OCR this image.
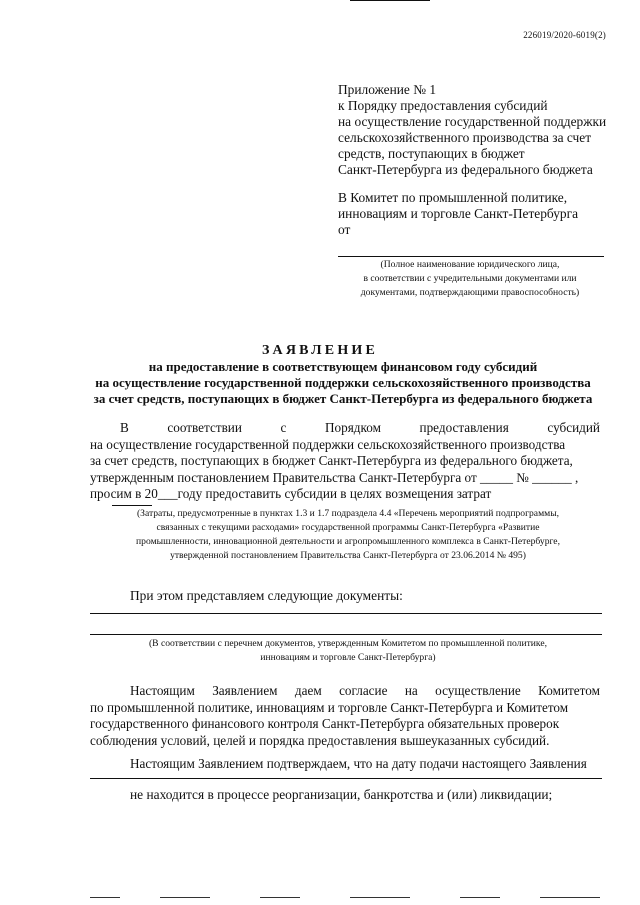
226019/2020-6019(2)
Приложение № 1
к Порядку предоставления субсидий
на осуществление государственной поддержки
сельскохозяйственного производства за счет
средств, поступающих в бюджет
Санкт-Петербурга из федерального бюджета
В Комитет по промышленной политике,
инновациям и торговле Санкт-Петербурга
от
(Полное наименование юридического лица,
в соответствии с учредительными документами или
документами, подтверждающими правоспособность)
ЗАЯВЛЕНИЕ
на предоставление в соответствующем финансовом году субсидий
на осуществление государственной поддержки сельскохозяйственного производства
за счет средств, поступающих в бюджет Санкт-Петербурга из федерального бюджета
В	соответствии	с	Порядком	предоставления	субсидий
на осуществление государственной поддержки сельскохозяйственного производства
за счет средств, поступающих в бюджет Санкт-Петербурга из федерального бюджета,
утвержденным постановлением Правительства Санкт-Петербурга от _____ № ______ ,
просим в 20___году предоставить субсидии в целях возмещения затрат
(Затраты, предусмотренные в пунктах 1.3 и 1.7 подраздела 4.4 «Перечень мероприятий подпрограммы,
связанных с текущими расходами» государственной программы Санкт-Петербурга «Развитие
промышленности, инновационной деятельности и агропромышленного комплекса в Санкт-Петербурге,
утвержденной постановлением Правительства Санкт-Петербурга от 23.06.2014 № 495)
При этом представляем следующие документы:
(В соответствии с перечнем документов, утвержденным Комитетом по промышленной политике,
инновациям и торговле Санкт-Петербурга)
Настоящим Заявлением даем согласие на осуществление Комитетом
по промышленной политике, инновациям и торговле Санкт-Петербурга и Комитетом
государственного финансового контроля Санкт-Петербурга обязательных проверок
соблюдения условий, целей и порядка предоставления вышеуказанных субсидий.
Настоящим Заявлением подтверждаем, что на дату подачи настоящего Заявления
не находится в процессе реорганизации, банкротства и (или) ликвидации;
